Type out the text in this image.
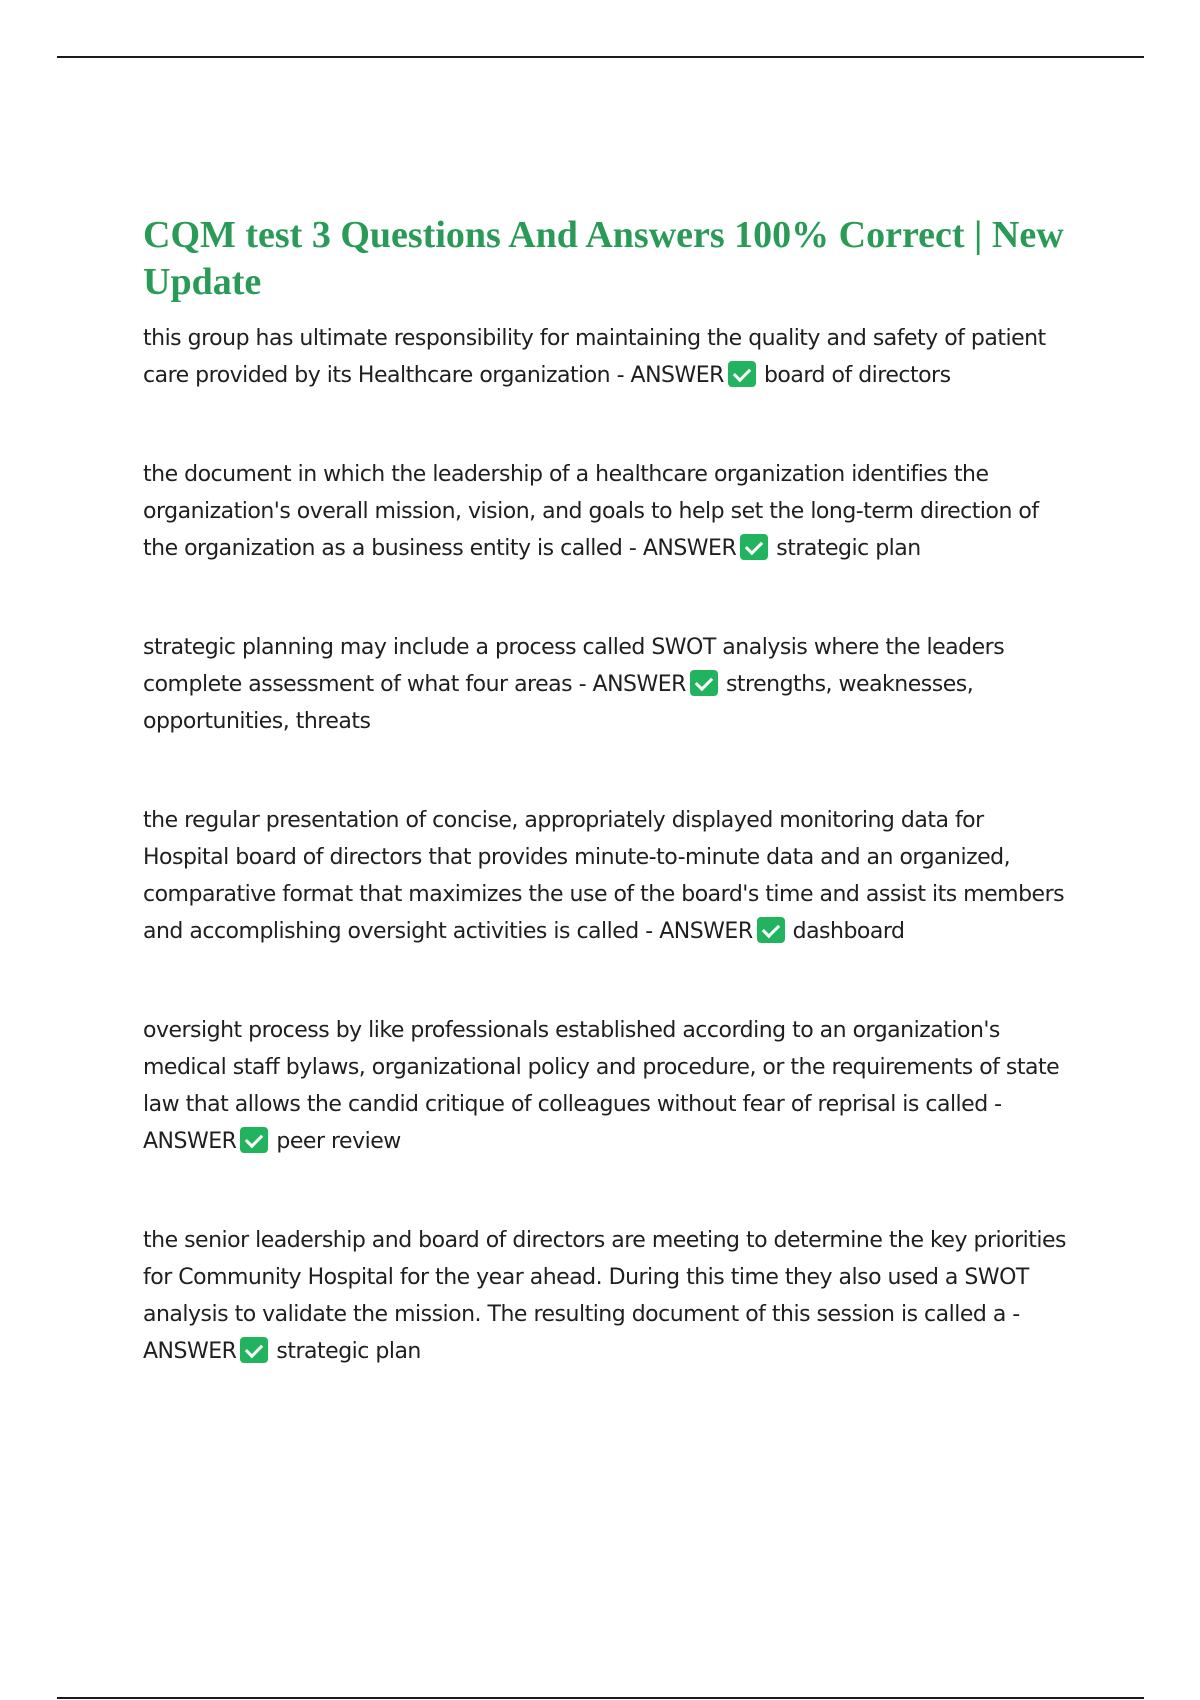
CQM test 3 Questions And Answers 100% Correct | New Update

this group has ultimate responsibility for maintaining the quality and safety of patient care provided by its Healthcare organization - ANSWER board of directors

the document in which the leadership of a healthcare organization identifies the organization's overall mission, vision, and goals to help set the long-term direction of the organization as a business entity is called - ANSWER strategic plan

strategic planning may include a process called SWOT analysis where the leaders complete assessment of what four areas - ANSWER strengths, weaknesses, opportunities, threats

the regular presentation of concise, appropriately displayed monitoring data for Hospital board of directors that provides minute-to-minute data and an organized, comparative format that maximizes the use of the board's time and assist its members and accomplishing oversight activities is called - ANSWER dashboard

oversight process by like professionals established according to an organization's medical staff bylaws, organizational policy and procedure, or the requirements of state law that allows the candid critique of colleagues without fear of reprisal is called - ANSWER peer review

the senior leadership and board of directors are meeting to determine the key priorities for Community Hospital for the year ahead. During this time they also used a SWOT analysis to validate the mission. The resulting document of this session is called a - ANSWER strategic plan
